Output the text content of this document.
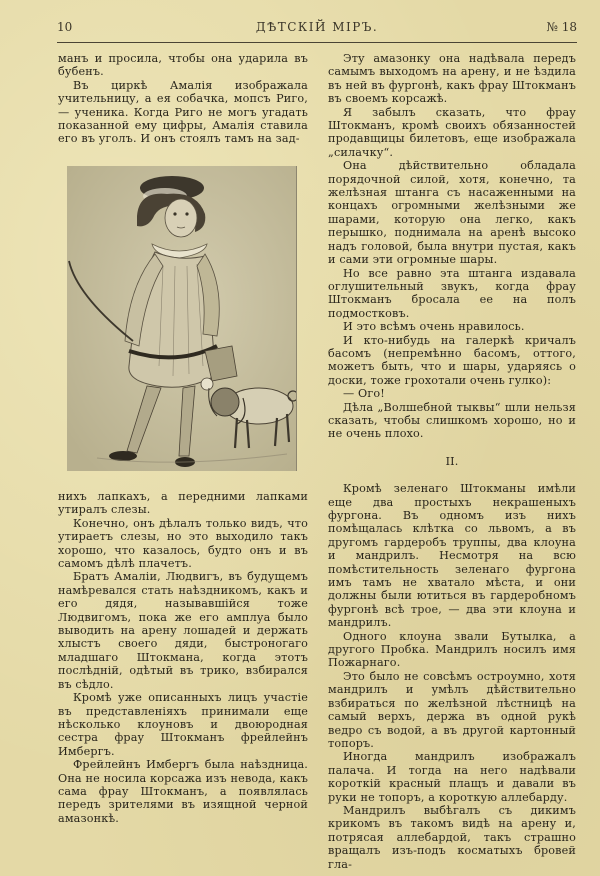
10	ДѢТСКІЙ МІРЪ.	№ 18

манъ и просила, чтобы она ударила въ бубенъ.

Въ циркѣ Амалія изображала учительницу, а ея собачка, мопсъ Риго, — ученика. Когда Риго не могъ угадать показанной ему цифры, Амалія ставила его въ уголъ. И онъ стоялъ тамъ на зад-

нихъ лапкахъ, а передними лапками утиралъ слезы.

Конечно, онъ дѣлалъ только видъ, что утираетъ слезы, но это выходило такъ хорошо, что казалось, будто онъ и въ самомъ дѣлѣ плачетъ.

Братъ Амаліи, Людвигъ, въ будущемъ намѣревался стать наѣздникомъ, какъ и его дядя, называвшійся тоже Людвигомъ, пока же его амплуа было выводить на арену лошадей и держать хлыстъ своего дяди, быстроногаго младшаго Штокмана, когда этотъ послѣдній, одѣтый въ трико, взбирался въ сѣдло.

Кромѣ уже описанныхъ лицъ участіе въ представленіяхъ принимали еще нѣсколько клоуновъ и двоюродная сестра фрау Штокманъ фрейлейнъ Имбергъ.

Фрейлейнъ Имбергъ была наѣздница. Она не носила корсажа изъ невода, какъ сама фрау Штокманъ, а появлялась передъ зрителями въ изящной черной амазонкѣ.

Эту амазонку она надѣвала передъ самымъ выходомъ на арену, и не ѣздила въ ней въ фургонѣ, какъ фрау Штокманъ въ своемъ корсажѣ.

Я забылъ сказать, что фрау Штокманъ, кромѣ своихъ обязанностей продавщицы билетовъ, еще изображала „силачку“.

Она дѣйствительно обладала порядочной силой, хотя, конечно, та желѣзная штанга съ насаженными на концахъ огромными желѣзными же шарами, которую она легко, какъ перышко, поднимала на аренѣ высоко надъ головой, была внутри пустая, какъ и сами эти огромные шары.

Но все равно эта штанга издавала оглушительный звукъ, когда фрау Штокманъ бросала ее на полъ подмостковъ.

И это всѣмъ очень нравилось.

И кто-нибудь на галеркѣ кричалъ басомъ (непремѣнно басомъ, оттого, можетъ быть, что и шары, ударяясь о доски, тоже грохотали очень гулко):

— Ого!

Дѣла „Волшебной тыквы“ шли нельзя сказать, чтобы слишкомъ хорошо, но и не очень плохо.

II.

Кромѣ зеленаго Штокманы имѣли еще два простыхъ некрашеныхъ фургона. Въ одномъ изъ нихъ помѣщалась клѣтка со львомъ, а въ другомъ гардеробъ труппы, два клоуна и мандрилъ. Несмотря на всю помѣстительность зеленаго фургона имъ тамъ не хватало мѣста, и они должны были ютиться въ гардеробномъ фургонѣ всѣ трое, — два эти клоуна и мандрилъ.

Одного клоуна звали Бутылка, а другого Пробка. Мандрилъ носилъ имя Пожарнаго.

Это было не совсѣмъ остроумно, хотя мандрилъ и умѣлъ дѣйствительно взбираться по желѣзной лѣстницѣ на самый верхъ, держа въ одной рукѣ ведро съ водой, а въ другой картонный топоръ.

Иногда мандрилъ изображалъ палача. И тогда на него надѣвали короткій красный плащъ и давали въ руки не топоръ, а короткую аллебарду.

Мандрилъ выбѣгалъ съ дикимъ крикомъ въ такомъ видѣ на арену и, потрясая аллебардой, такъ страшно вращалъ изъ-подъ косматыхъ бровей гла-
